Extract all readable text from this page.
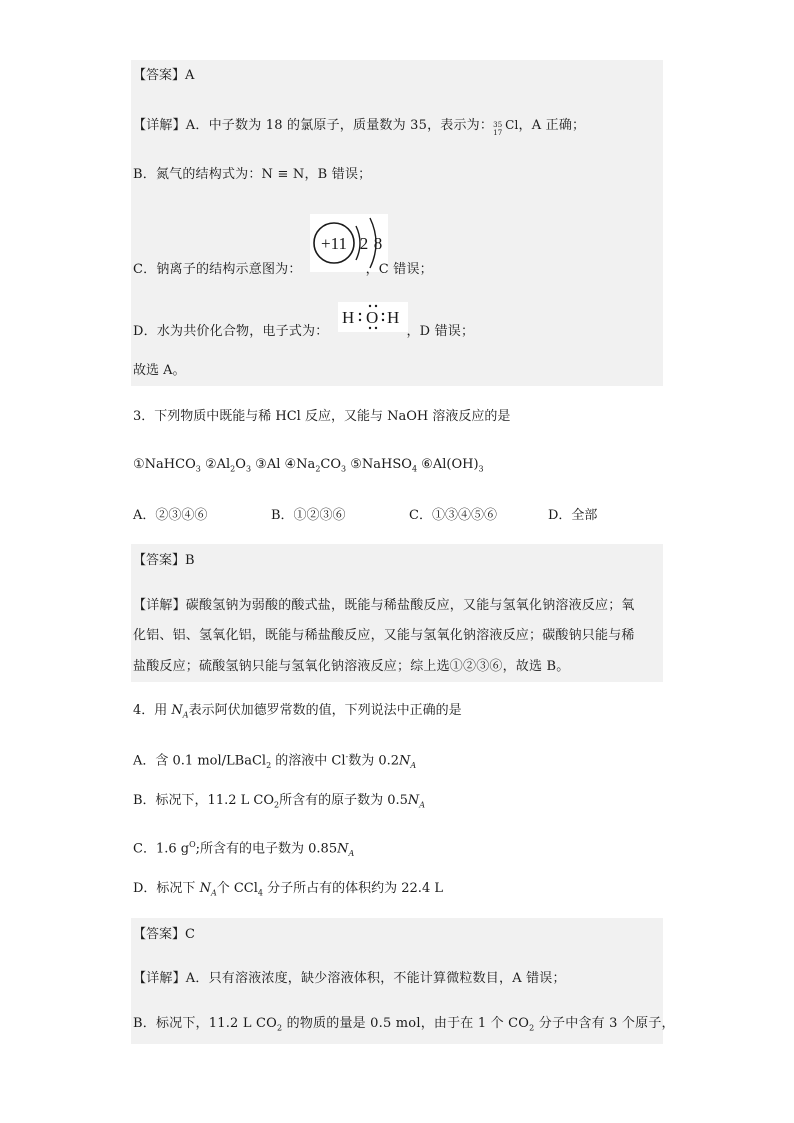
【答案】A
【详解】A．中子数为 18 的氯原子，质量数为 35，表示为： 35
17
Cl，A 正确；
B．氮气的结构式为：N ≡ N，B 错误；
+11 2 8
C．钠离子的结构示意图为：	，C 错误；
H O H
D．水为共价化合物，电子式为：	，D 错误；
故选 A。
3．下列物质中既能与稀 HCl 反应，又能与 NaOH 溶液反应的是
①NaHCO$_3$ $②Al_2O_3$ ③Al $④Na_2CO_3$ ⑤NaHSO$_4$ $⑥Al(OH)_3$
A．②③④⑥	B．①②③⑥	C．①③④⑤⑥	D．全部
【答案】B
【详解】碳酸氢钠为弱酸的酸式盐，既能与稀盐酸反应，又能与氢氧化钠溶液反应；氧
化铝、铝、氢氧化铝，既能与稀盐酸反应，又能与氢氧化钠溶液反应；碳酸钠只能与稀
盐酸反应；硫酸氢钠只能与氢氧化钠溶液反应；综上选①②③⑥，故选 B。
4．用 $N_A$表示阿伏加德罗常数的值，下列说法中正确的是
A．含 0.1 mol/LBaCl$_2$ 的溶液中 Cl-数为 $0.2N_A$
B．标况下，11.2 L $CO_2$所含有的原子数为 $0.5N_A$
C．1.6 $g^O$;所含有的电子数为 $0.85N_A$
D．标况下 $N_A$个 CCl$_4$ 分子所占有的体积约为 22.4 L
【答案】C
【详解】A．只有溶液浓度，缺少溶液体积，不能计算微粒数目，A 错误；
B．标况下，11.2 L $CO_2$ 的物质的量是 0.5 mol，由于在 1 个 $CO_2$ 分子中含有 3 个原子，
